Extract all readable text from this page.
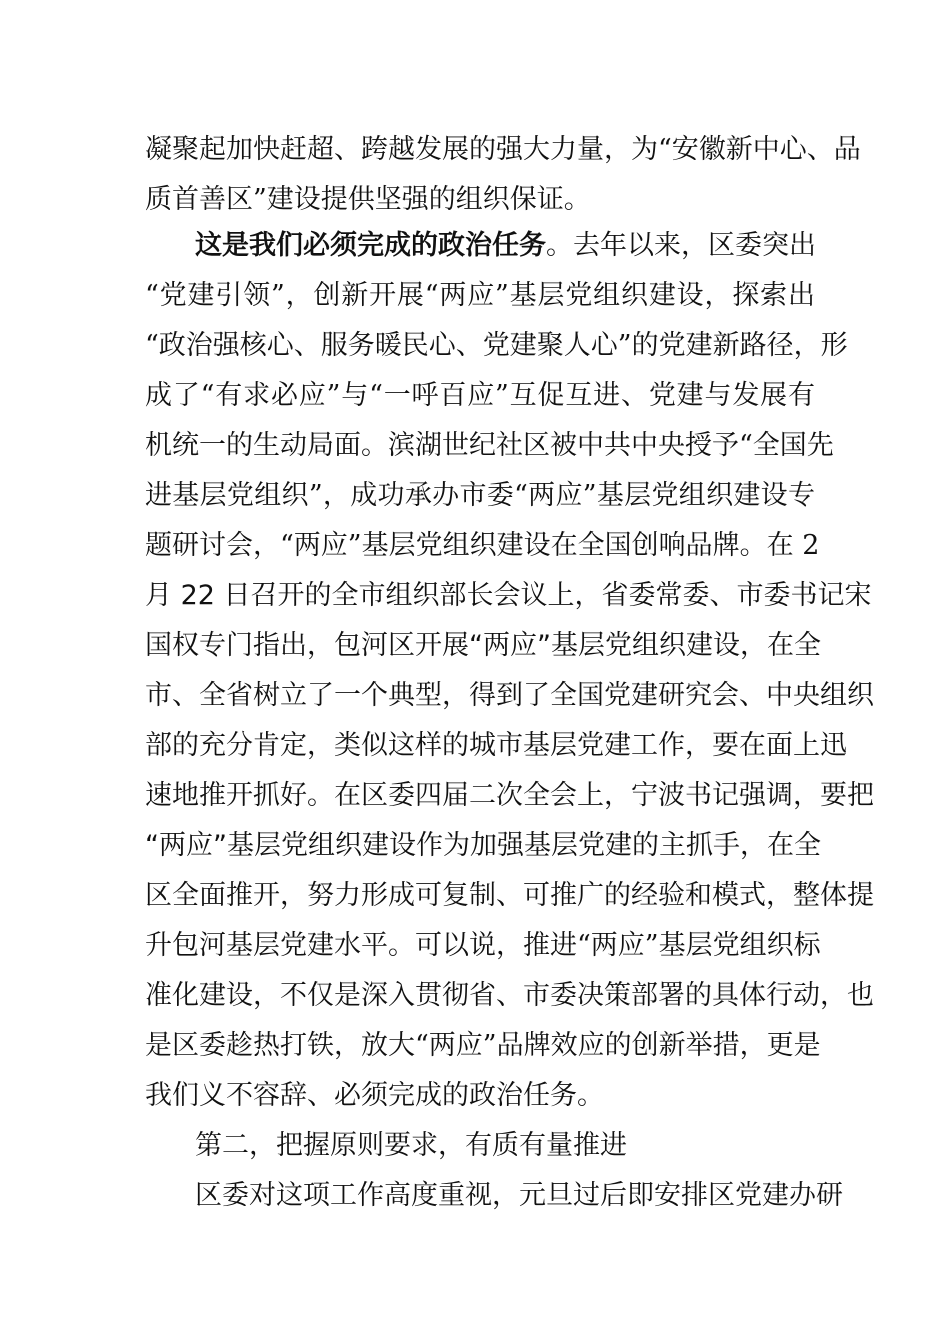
凝聚起加快赶超、跨越发展的强大力量，为“安徽新中心、品
质首善区”建设提供坚强的组织保证。
这是我们必须完成的政治任务。去年以来，区委突出
“党建引领”，创新开展“两应”基层党组织建设，探索出
“政治强核心、服务暖民心、党建聚人心”的党建新路径，形
成了“有求必应”与“一呼百应”互促互进、党建与发展有
机统一的生动局面。滨湖世纪社区被中共中央授予“全国先
进基层党组织”，成功承办市委“两应”基层党组织建设专
题研讨会，“两应”基层党组织建设在全国创响品牌。在 2
月 22 日召开的全市组织部长会议上，省委常委、市委书记宋
国权专门指出，包河区开展“两应”基层党组织建设，在全
市、全省树立了一个典型，得到了全国党建研究会、中央组织
部的充分肯定，类似这样的城市基层党建工作，要在面上迅
速地推开抓好。在区委四届二次全会上，宁波书记强调，要把
“两应”基层党组织建设作为加强基层党建的主抓手，在全
区全面推开，努力形成可复制、可推广的经验和模式，整体提
升包河基层党建水平。可以说，推进“两应”基层党组织标
准化建设，不仅是深入贯彻省、市委决策部署的具体行动，也
是区委趁热打铁，放大“两应”品牌效应的创新举措，更是
我们义不容辞、必须完成的政治任务。
第二，把握原则要求，有质有量推进
区委对这项工作高度重视，元旦过后即安排区党建办研
